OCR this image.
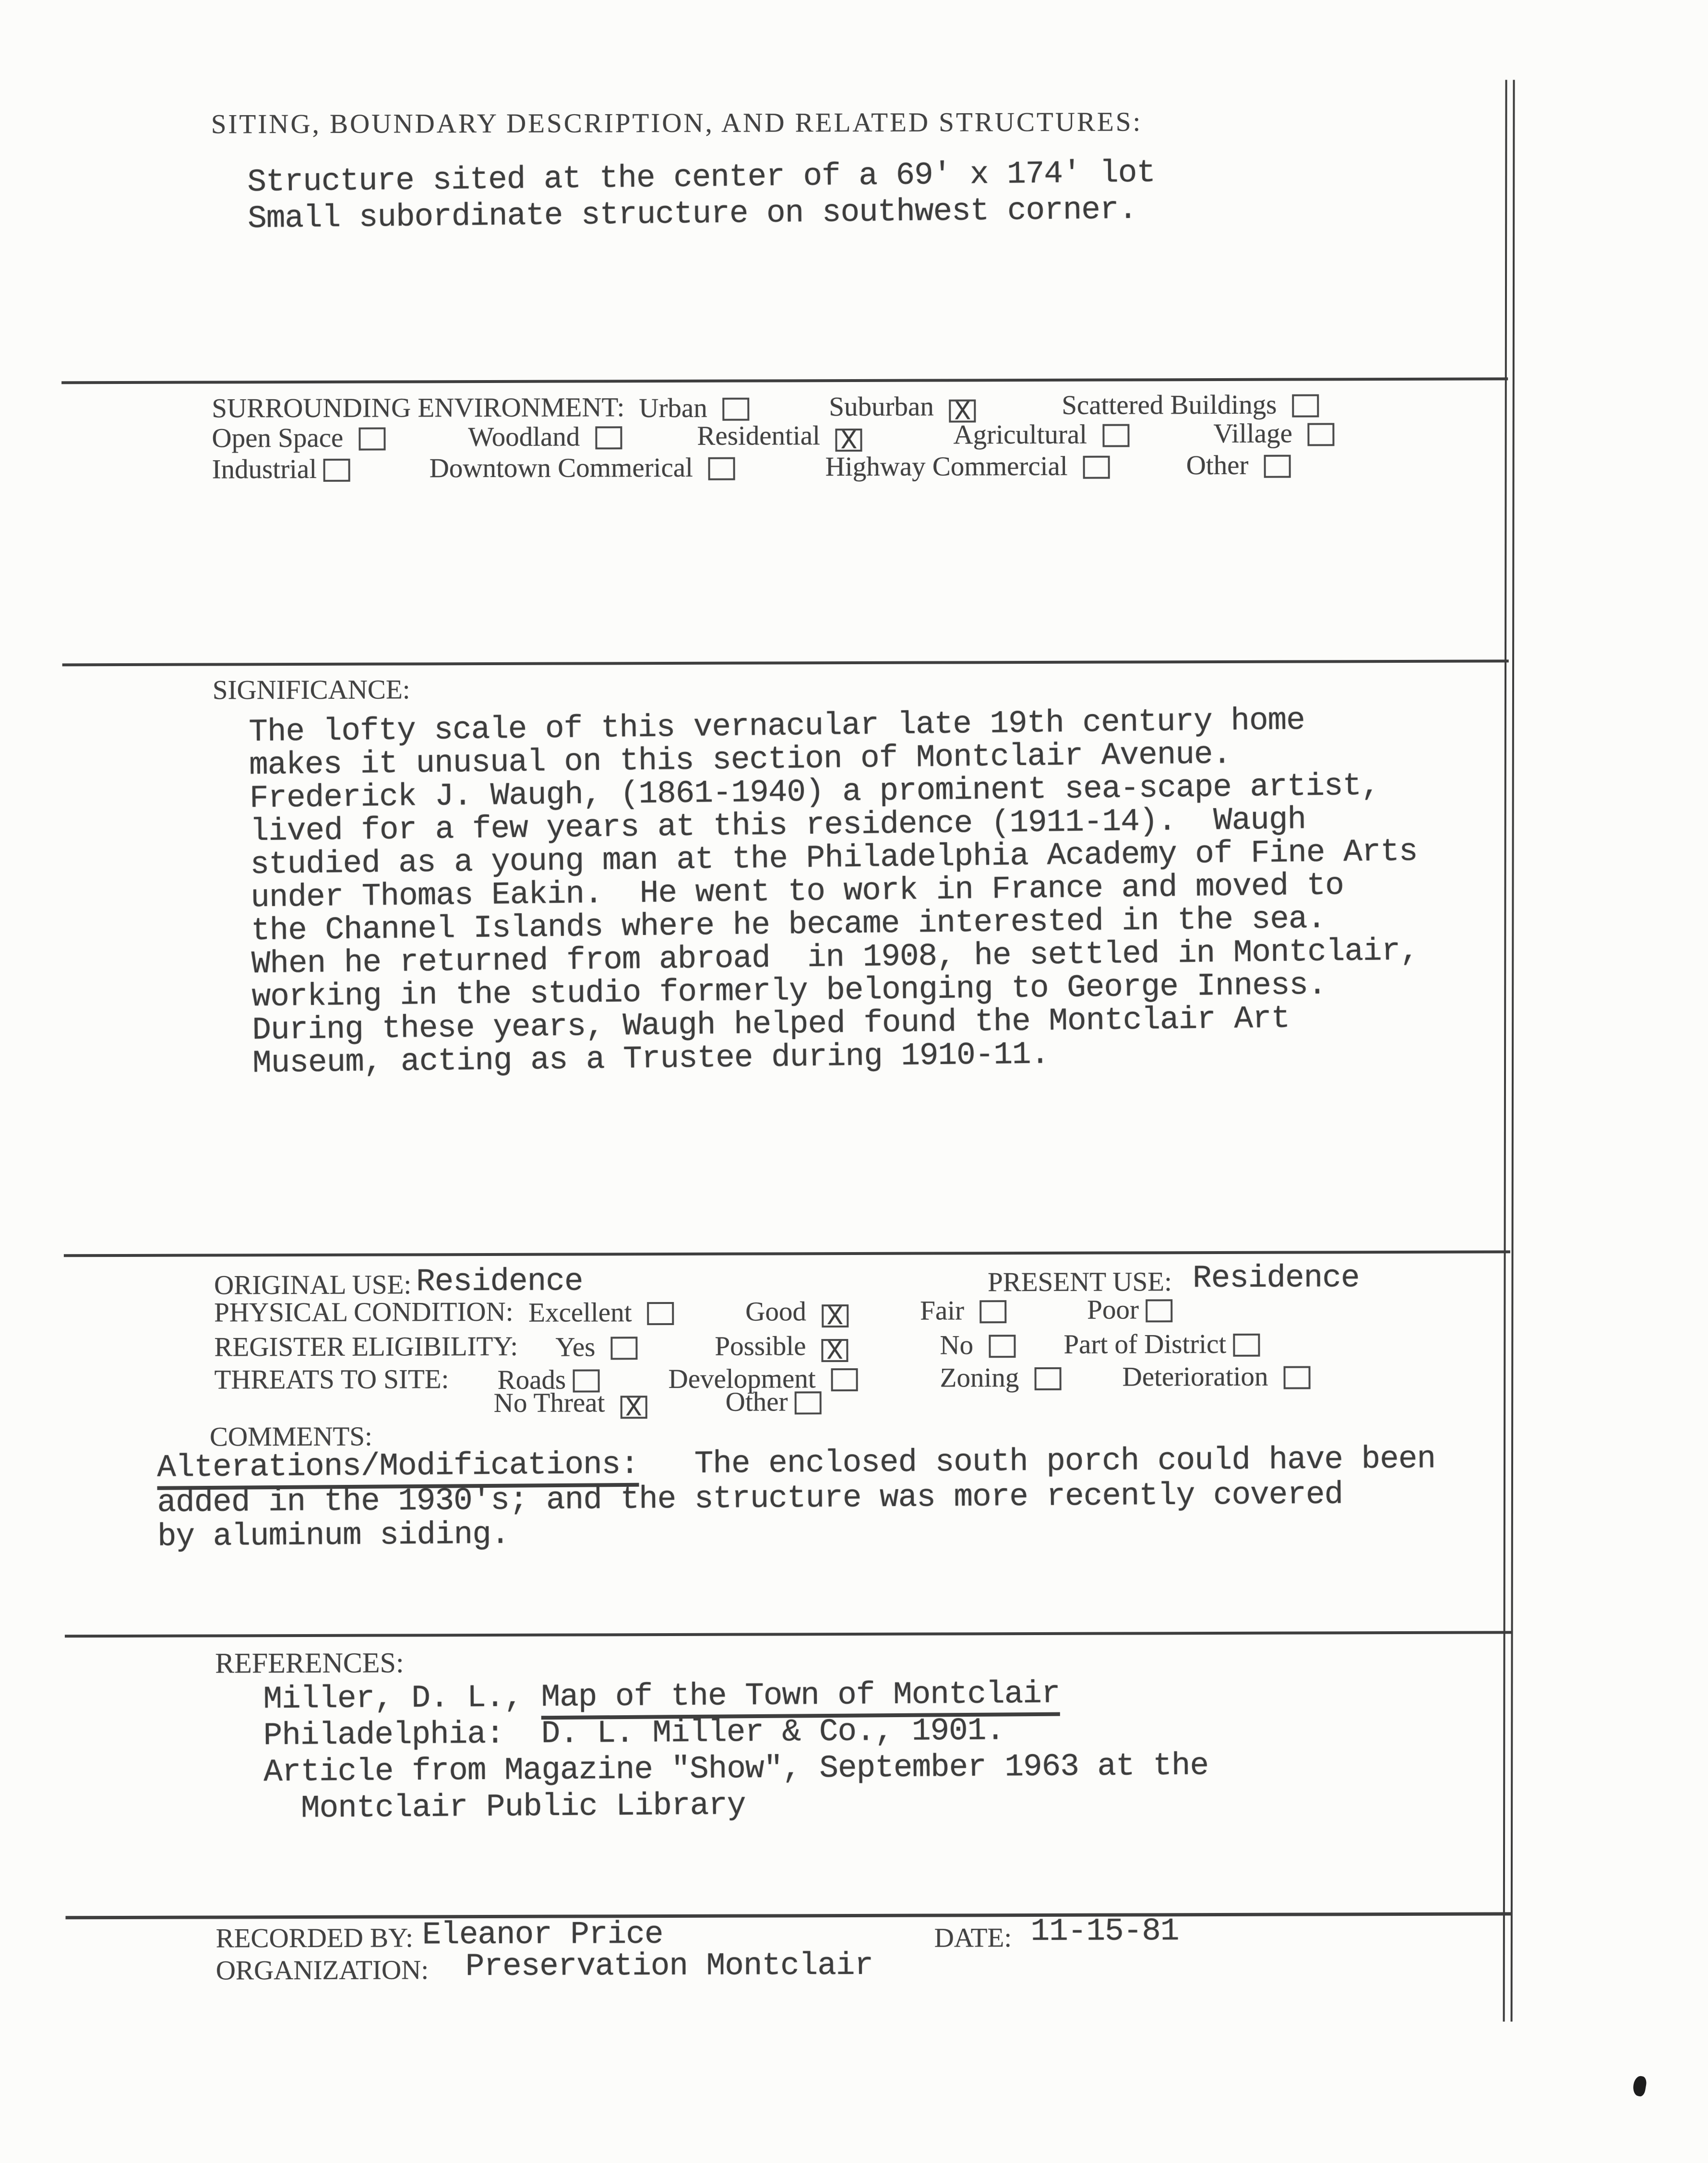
SITING, BOUNDARY DESCRIPTION, AND RELATED STRUCTURES:
Structure sited at the center of a 69' x 174' lot
Small subordinate structure on southwest corner.
SURROUNDING ENVIRONMENT: Urban	Suburban X	Scattered Buildings
Open Space	Woodland	Residential X	Agricultural	Village
Industrial	Downtown Commerical	Highway Commercial	Other
SIGNIFICANCE:
The lofty scale of this vernacular late 19th century home
makes it unusual on this section of Montclair Avenue.
Frederick J. Waugh, (1861-1940) a prominent sea-scape artist,
lived for a few years at this residence (1911-14).  Waugh
studied as a young man at the Philadelphia Academy of Fine Arts
under Thomas Eakin.  He went to work in France and moved to
the Channel Islands where he became interested in the sea.
When he returned from abroad  in 1908, he settled in Montclair,
working in the studio formerly belonging to George Inness.
During these years, Waugh helped found the Montclair Art
Museum, acting as a Trustee during 1910-11.
ORIGINAL USE: Residence	PRESENT USE: Residence
PHYSICAL CONDITION: Excellent	Good X	Fair	Poor
REGISTER ELIGIBILITY: Yes	Possible X	No	Part of District
THREATS TO SITE: Roads	Development	Zoning	Deterioration
No Threat X	Other
COMMENTS:
Alterations/Modifications:   The enclosed south porch could have been
added in the 1930's; and the structure was more recently covered
by aluminum siding.
REFERENCES:
Miller, D. L., Map of the Town of Montclair
Philadelphia:  D. L. Miller & Co., 1901.
Article from Magazine "Show", September 1963 at the
Montclair Public Library
RECORDED BY: Eleanor Price	DATE: 11-15-81
ORGANIZATION: Preservation Montclair
